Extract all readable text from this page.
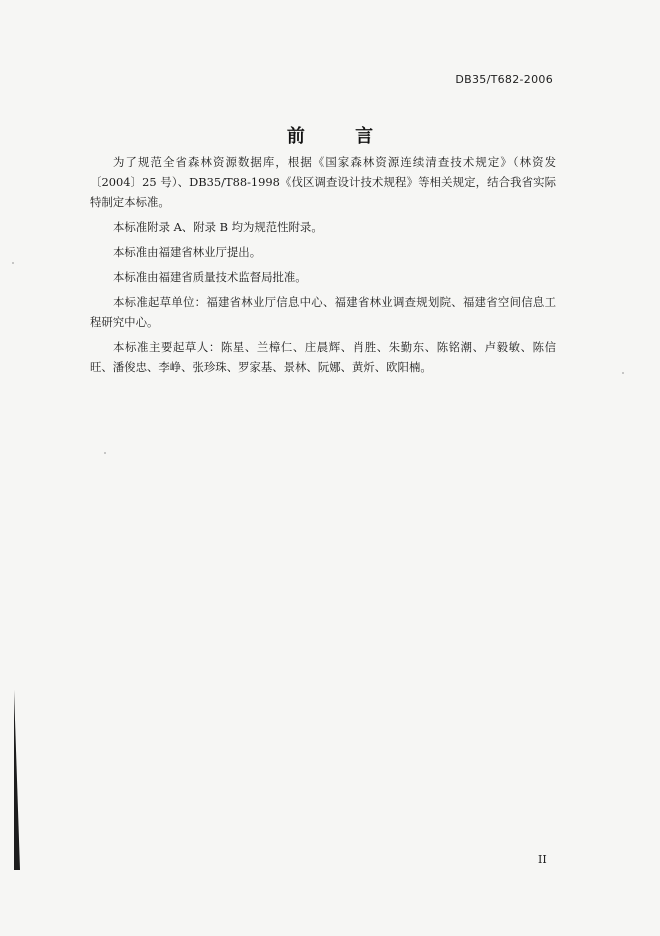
DB35/T682-2006
前 言

为了规范全省森林资源数据库，根据《国家森林资源连续清查技术规定》（林资发〔2004〕25 号）、DB35/T88-1998《伐区调查设计技术规程》等相关规定，结合我省实际特制定本标准。

本标准附录 A、附录 B 均为规范性附录。

本标准由福建省林业厅提出。

本标准由福建省质量技术监督局批准。

本标准起草单位：福建省林业厅信息中心、福建省林业调查规划院、福建省空间信息工程研究中心。

本标准主要起草人：陈星、兰樟仁、庄晨辉、肖胜、朱勤东、陈铭潮、卢毅敏、陈信旺、潘俊忠、李峥、张珍珠、罗家基、景林、阮娜、黄炘、欧阳楠。

II
